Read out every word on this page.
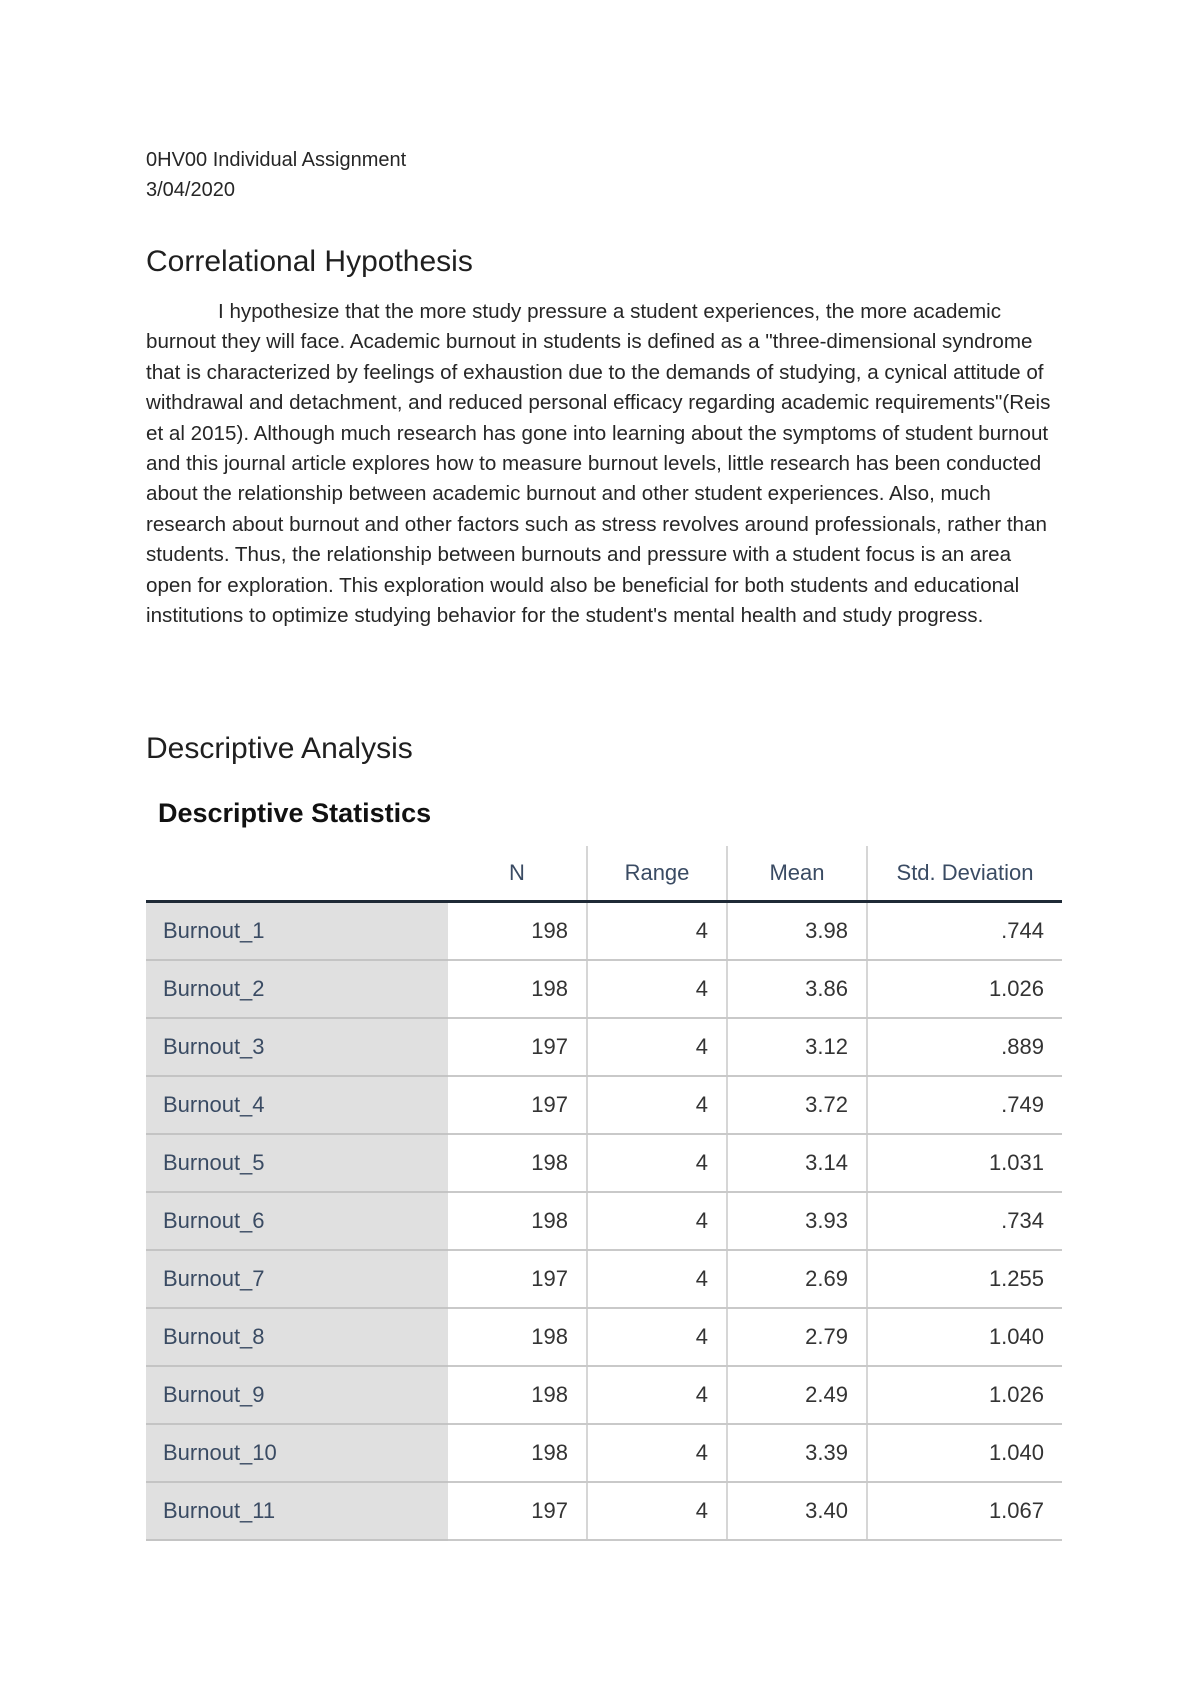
0HV00 Individual Assignment
3/04/2020
Correlational Hypothesis

I hypothesize that the more study pressure a student experiences, the more academic burnout they will face. Academic burnout in students is defined as a "three-dimensional syndrome that is characterized by feelings of exhaustion due to the demands of studying, a cynical attitude of withdrawal and detachment, and reduced personal efficacy regarding academic requirements"(Reis et al 2015). Although much research has gone into learning about the symptoms of student burnout and this journal article explores how to measure burnout levels, little research has been conducted about the relationship between academic burnout and other student experiences. Also, much research about burnout and other factors such as stress revolves around professionals, rather than students. Thus, the relationship between burnouts and pressure with a student focus is an area open for exploration. This exploration would also be beneficial for both students and educational institutions to optimize studying behavior for the student's mental health and study progress.

Descriptive Analysis
Descriptive Statistics
	N	Range	Mean	Std. Deviation
Burnout_1	198	4	3.98	.744
Burnout_2	198	4	3.86	1.026
Burnout_3	197	4	3.12	.889
Burnout_4	197	4	3.72	.749
Burnout_5	198	4	3.14	1.031
Burnout_6	198	4	3.93	.734
Burnout_7	197	4	2.69	1.255
Burnout_8	198	4	2.79	1.040
Burnout_9	198	4	2.49	1.026
Burnout_10	198	4	3.39	1.040
Burnout_11	197	4	3.40	1.067
